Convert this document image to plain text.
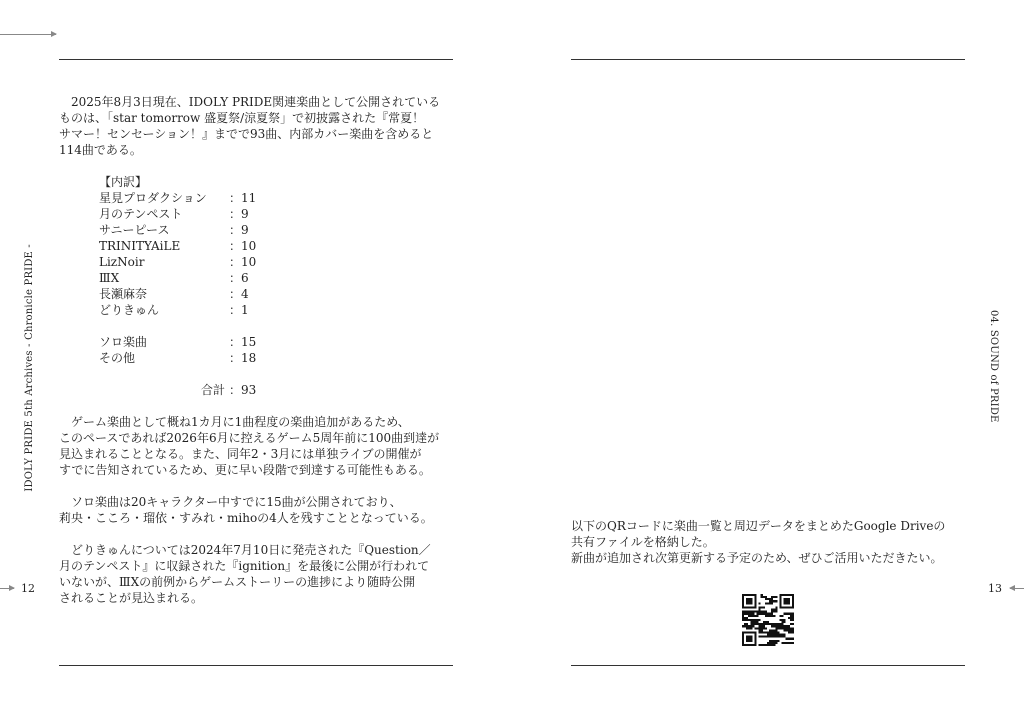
IDOLY PRIDE 5th Archives - Chronicle PRIDE -
12

　2025年8月3日現在、IDOLY PRIDE関連楽曲として公開されている
ものは、「star tomorrow 盛夏祭/涼夏祭」で初披露された『常夏！
サマー！センセーション！』までで93曲、内部カバー楽曲を含めると
114曲である。

【内訳】

星見プロダクション	：11
月のテンペスト	：9
サニーピース	：9
TRINITYAiLE	：10
LizNoir	：10
ⅢX	：6
長瀬麻奈	：4
どりきゅん	：1
ソロ楽曲	：15
その他	：18
合計 ：93

　ゲーム楽曲として概ね1カ月に1曲程度の楽曲追加があるため、
このペースであれば2026年6月に控えるゲーム5周年前に100曲到達が
見込まれることとなる。また、同年2・3月には単独ライブの開催が
すでに告知されているため、更に早い段階で到達する可能性もある。

　ソロ楽曲は20キャラクター中すでに15曲が公開されており、
莉央・こころ・瑠依・すみれ・mihoの4人を残すこととなっている。

　どりきゅんについては2024年7月10日に発売された『Question／
月のテンペスト』に収録された『ignition』を最後に公開が行われて
いないが、ⅢXの前例からゲームストーリーの進捗により随時公開
されることが見込まれる。

04. SOUND of PRIDE
13

以下のQRコードに楽曲一覧と周辺データをまとめたGoogle Driveの
共有ファイルを格納した。
新曲が追加され次第更新する予定のため、ぜひご活用いただきたい。
